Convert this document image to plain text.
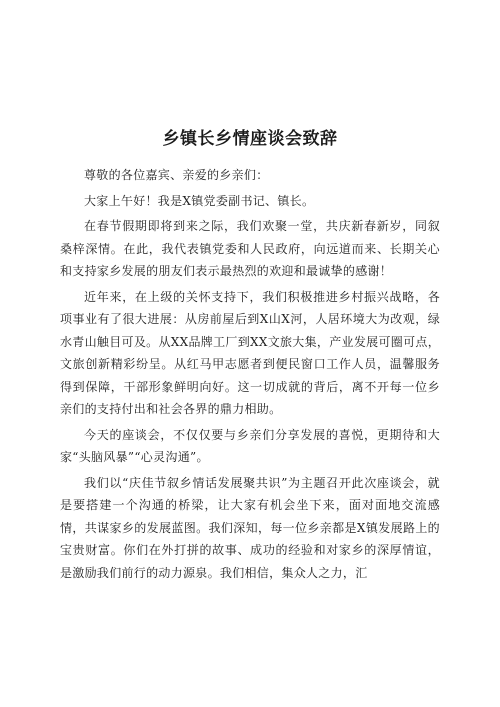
乡镇长乡情座谈会致辞

尊敬的各位嘉宾、亲爱的乡亲们：

大家上午好！我是X镇党委副书记、镇长。

在春节假期即将到来之际，我们欢聚一堂，共庆新春新岁，同叙桑梓深情。在此，我代表镇党委和人民政府，向远道而来、长期关心和支持家乡发展的朋友们表示最热烈的欢迎和最诚挚的感谢！

近年来，在上级的关怀支持下，我们积极推进乡村振兴战略，各项事业有了很大进展：从房前屋后到X山X河，人居环境大为改观，绿水青山触目可及。从XX品牌工厂到XX文旅大集，产业发展可圈可点，文旅创新精彩纷呈。从红马甲志愿者到便民窗口工作人员，温馨服务得到保障，干部形象鲜明向好。这一切成就的背后，离不开每一位乡亲们的支持付出和社会各界的鼎力相助。

今天的座谈会，不仅仅要与乡亲们分享发展的喜悦，更期待和大家“头脑风暴”“心灵沟通”。

我们以“庆佳节叙乡情话发展聚共识”为主题召开此次座谈会，就是要搭建一个沟通的桥梁，让大家有机会坐下来，面对面地交流感情，共谋家乡的发展蓝图。我们深知，每一位乡亲都是X镇发展路上的宝贵财富。你们在外打拼的故事、成功的经验和对家乡的深厚情谊，是激励我们前行的动力源泉。我们相信，集众人之力，汇
